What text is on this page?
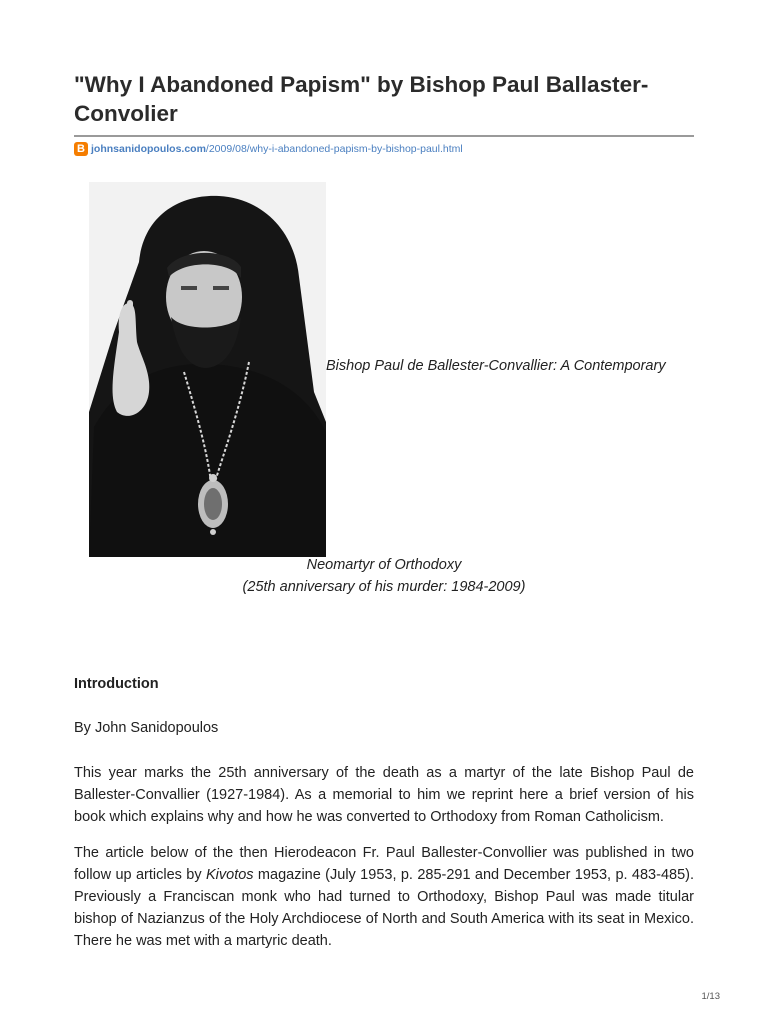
"Why I Abandoned Papism" by Bishop Paul Ballaster-Convolier
B johnsanidopoulos.com /2009/08/why-i-abandoned-papism-by-bishop-paul.html
Bishop Paul de Ballester-Convallier: A Contemporary
Neomartyr of Orthodoxy
(25th anniversary of his murder: 1984-2009)
Introduction

By John Sanidopoulos

This year marks the 25th anniversary of the death as a martyr of the late Bishop Paul de Ballester-Convallier (1927-1984). As a memorial to him we reprint here a brief version of his book which explains why and how he was converted to Orthodoxy from Roman Catholicism.

The article below of the then Hierodeacon Fr. Paul Ballester-Convollier was published in two follow up articles by Kivotos magazine (July 1953, p. 285-291 and December 1953, p. 483-485). Previously a Franciscan monk who had turned to Orthodoxy, Bishop Paul was made titular bishop of Nazianzus of the Holy Archdiocese of North and South America with its seat in Mexico. There he was met with a martyric death.

1/13
